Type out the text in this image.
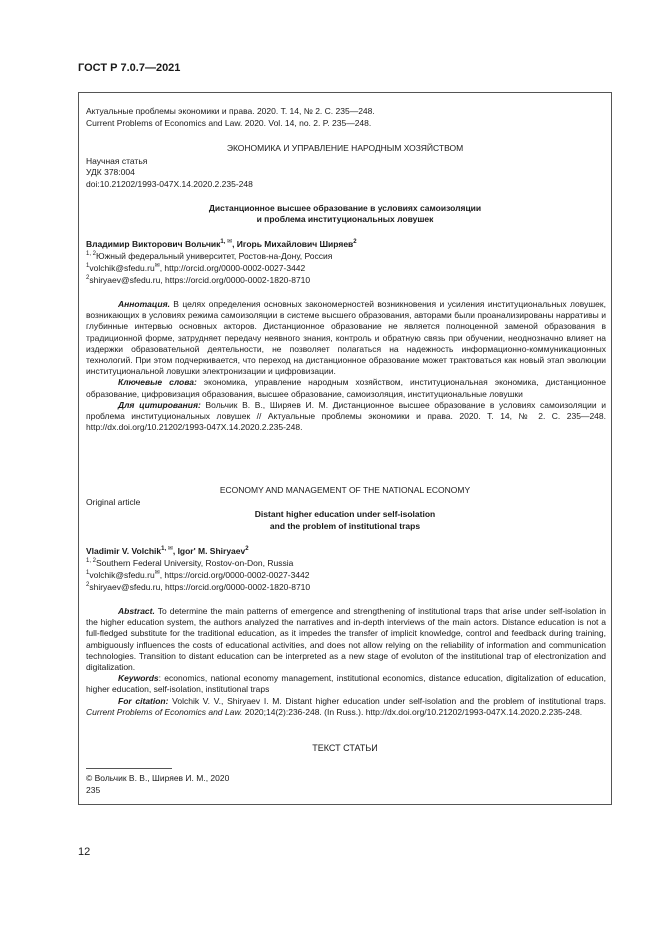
ГОСТ Р 7.0.7—2021
Актуальные проблемы экономики и права. 2020. Т. 14, № 2. С. 235—248.
Current Problems of Economics and Law. 2020. Vol. 14, no. 2. P. 235—248.
ЭКОНОМИКА И УПРАВЛЕНИЕ НАРОДНЫМ ХОЗЯЙСТВОМ
Научная статья
УДК 378:004
doi:10.21202/1993-047X.14.2020.2.235-248
Дистанционное высшее образование в условиях самоизоляции
и проблема институциональных ловушек
Владимир Викторович Вольчик$^{1, ✉}$, Игорь Михайлович Ширяев$^2$
$^{1, 2}$Южный федеральный университет, Ростов-на-Дону, Россия
$^1$volchik@sfedu.ru✉, http://orcid.org/0000-0002-0027-3442
$^2$shiryaev@sfedu.ru, https://orcid.org/0000-0002-1820-8710

Аннотация. В целях определения основных закономерностей возникновения и усиления институциональных ловушек, возникающих в условиях режима самоизоляции в системе высшего образования, авторами были проанализированы нарративы и глубинные интервью основных акторов. Дистанционное образование не является полноценной заменой образования в традиционной форме, затрудняет передачу неявного знания, контроль и обратную связь при обучении, неоднозначно влияет на издержки образовательной деятельности, не позволяет полагаться на надежность информационно-коммуникационных технологий. При этом подчеркивается, что переход на дистанционное образование может трактоваться как новый этап эволюции институциональной ловушки электронизации и цифровизации.

Ключевые слова: экономика, управление народным хозяйством, институциональная экономика, дистанционное образование, цифровизация образования, высшее образование, самоизоляция, институциональные ловушки

Для цитирования: Вольчик В. В., Ширяев И. М. Дистанционное высшее образование в условиях самоизоляции и проблема институциональных ловушек // Актуальные проблемы экономики и права. 2020. Т. 14, № 2. С. 235—248. http://dx.doi.org/10.21202/1993-047X.14.2020.2.235-248.

ECONOMY AND MANAGEMENT OF THE NATIONAL ECONOMY
Original article
Distant higher education under self-isolation
and the problem of institutional traps
Vladimir V. Volchik$^{1, ✉}$, Igor' M. Shiryaev$^2$
$^{1, 2}$Southern Federal University, Rostov-on-Don, Russia
$^1$volchik@sfedu.ru✉, https://orcid.org/0000-0002-0027-3442
$^2$shiryaev@sfedu.ru, https://orcid.org/0000-0002-1820-8710

Abstract. To determine the main patterns of emergence and strengthening of institutional traps that arise under self-isolation in the higher education system, the authors analyzed the narratives and in-depth interviews of the main actors. Distance education is not a full-fledged substitute for the traditional education, as it impedes the transfer of implicit knowledge, control and feedback during training, ambiguously influences the costs of educational activities, and does not allow relying on the reliability of information and communication technologies. Transition to distant education can be interpreted as a new stage of evoluton of the institutional trap of electronization and digitalization.

Keywords: economics, national economy management, institutional economics, distance education, digitalization of education, higher education, self-isolation, institutional traps

For citation: Volchik V. V., Shiryaev I. M. Distant higher education under self-isolation and the problem of institutional traps. Current Problems of Economics and Law. 2020;14(2):236-248. (In Russ.). http://dx.doi.org/10.21202/1993-047X.14.2020.2.235-248.

ТЕКСТ СТАТЬИ
© Вольчик В. В., Ширяев И. М., 2020
235
12
